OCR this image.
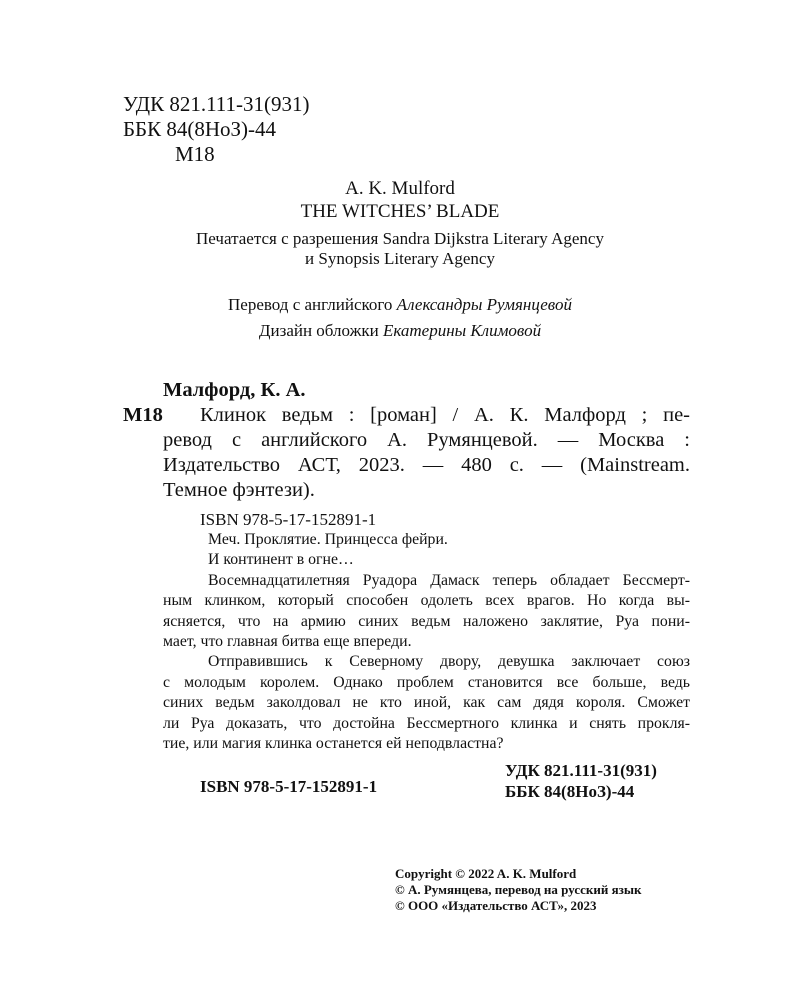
УДК 821.111-31(931)
ББК 84(8НоЗ)-44
М18
A. K. Mulford
THE WITCHES’ BLADE
Печатается с разрешения Sandra Dijkstra Literary Agency
и Synopsis Literary Agency
Перевод с английского Александры Румянцевой
Дизайн обложки Екатерины Климовой
Малфорд, К. А.
М18 Клинок ведьм : [роман] / А. К. Малфорд ; пе-
ревод с английского А. Румянцевой. — Москва :
Издательство АСТ, 2023. — 480 с. — (Mainstream.
Темное фэнтези).
ISBN 978-5-17-152891-1
Меч. Проклятие. Принцесса фейри.
И континент в огне…
Восемнадцатилетняя Руадора Дамаск теперь обладает Бессмерт-
ным клинком, который способен одолеть всех врагов. Но когда вы-
ясняется, что на армию синих ведьм наложено заклятие, Руа пони-
мает, что главная битва еще впереди.
Отправившись к Северному двору, девушка заключает союз
с молодым королем. Однако проблем становится все больше, ведь
синих ведьм заколдовал не кто иной, как сам дядя короля. Сможет
ли Руа доказать, что достойна Бессмертного клинка и снять прокля-
тие, или магия клинка останется ей неподвластна?
ISBN 978-5-17-152891-1
УДК 821.111-31(931)
ББК 84(8НоЗ)-44
Copyright © 2022 A. K. Mulford
© А. Румянцева, перевод на русский язык
© ООО «Издательство АСТ», 2023
